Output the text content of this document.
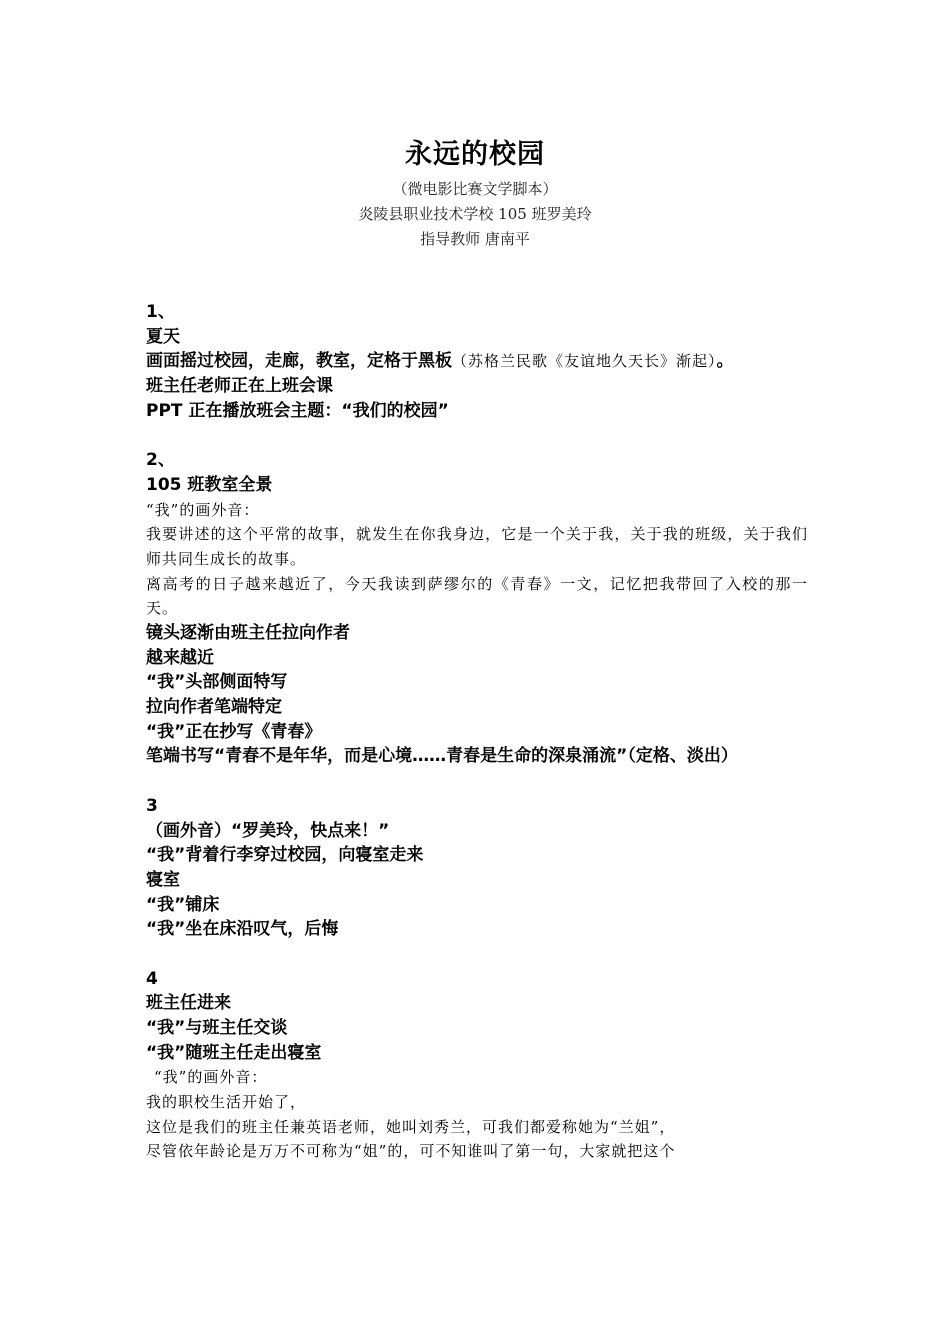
永远的校园
（微电影比赛文学脚本）
炎陵县职业技术学校 105 班罗美玲
指导教师 唐南平
1、
夏天
画面摇过校园，走廊，教室，定格于黑板（苏格兰民歌《友谊地久天长》渐起）。
班主任老师正在上班会课
PPT 正在播放班会主题：“我们的校园”
2、
105 班教室全景
“我”的画外音：
我要讲述的这个平常的故事，就发生在你我身边，它是一个关于我，关于我的班级，关于我们师共同生成长的故事。
离高考的日子越来越近了，今天我读到萨缪尔的《青春》一文，记忆把我带回了入校的那一天。
镜头逐渐由班主任拉向作者
越来越近
“我”头部侧面特写
拉向作者笔端特定
“我”正在抄写《青春》
笔端书写“青春不是年华，而是心境……青春是生命的深泉涌流”（定格、淡出）
3
（画外音）“罗美玲，快点来！”
“我”背着行李穿过校园，向寝室走来
寝室
“我”铺床
“我”坐在床沿叹气，后悔
4
班主任进来
“我”与班主任交谈
“我”随班主任走出寝室
“我”的画外音：
我的职校生活开始了，
这位是我们的班主任兼英语老师，她叫刘秀兰，可我们都爱称她为“兰姐”，
尽管依年龄论是万万不可称为“姐”的，可不知谁叫了第一句，大家就把这个
